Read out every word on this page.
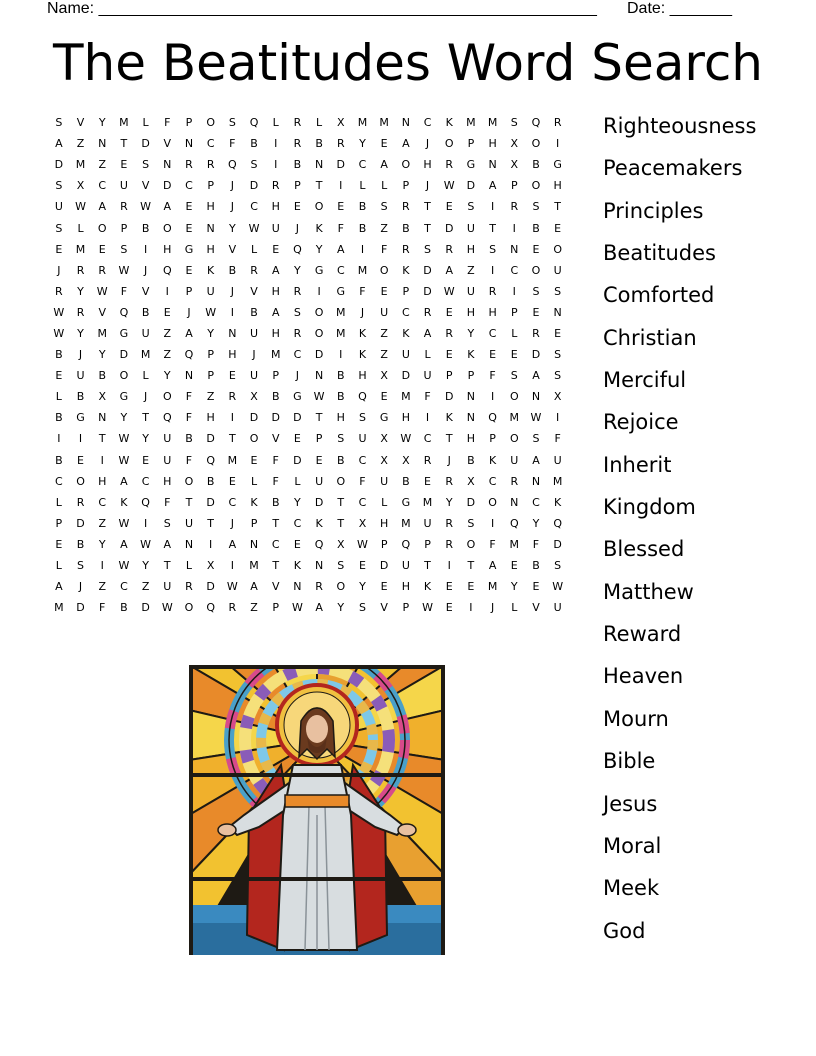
Name: ________________________________________________________ Date: _______
The Beatitudes Word Search
S	V	Y	M	L	F	P	O	S	Q	L	R	L	X	M	M	N	C	K	M	M	S	Q	R
A	Z	N	T	D	V	N	C	F	B	I	R	B	R	Y	E	A	J	O	P	H	X	O	I
D	M	Z	E	S	N	R	R	Q	S	I	B	N	D	C	A	O	H	R	G	N	X	B	G
S	X	C	U	V	D	C	P	J	D	R	P	T	I	L	L	P	J	W	D	A	P	O	H
U	W	A	R	W	A	E	H	J	C	H	E	O	E	B	S	R	T	E	S	I	R	S	T
S	L	O	P	B	O	E	N	Y	W	U	J	K	F	B	Z	B	T	D	U	T	I	B	E
E	M	E	S	I	H	G	H	V	L	E	Q	Y	A	I	F	R	S	R	H	S	N	E	O
J	R	R	W	J	Q	E	K	B	R	A	Y	G	C	M	O	K	D	A	Z	I	C	O	U
R	Y	W	F	V	I	P	U	J	V	H	R	I	G	F	E	P	D	W	U	R	I	S	S
W	R	V	Q	B	E	J	W	I	B	A	S	O	M	J	U	C	R	E	H	H	P	E	N
W	Y	M	G	U	Z	A	Y	N	U	H	R	O	M	K	Z	K	A	R	Y	C	L	R	E
B	J	Y	D	M	Z	Q	P	H	J	M	C	D	I	K	Z	U	L	E	K	E	E	D	S
E	U	B	O	L	Y	N	P	E	U	P	J	N	B	H	X	D	U	P	P	F	S	A	S
L	B	X	G	J	O	F	Z	R	X	B	G	W	B	Q	E	M	F	D	N	I	O	N	X
B	G	N	Y	T	Q	F	H	I	D	D	D	T	H	S	G	H	I	K	N	Q	M	W	I
I	I	T	W	Y	U	B	D	T	O	V	E	P	S	U	X	W	C	T	H	P	O	S	F
B	E	I	W	E	U	F	Q	M	E	F	D	E	B	C	X	X	R	J	B	K	U	A	U
C	O	H	A	C	H	O	B	E	L	F	L	U	O	F	U	B	E	R	X	C	R	N	M
L	R	C	K	Q	F	T	D	C	K	B	Y	D	T	C	L	G	M	Y	D	O	N	C	K
P	D	Z	W	I	S	U	T	J	P	T	C	K	T	X	H	M	U	R	S	I	Q	Y	Q
E	B	Y	A	W	A	N	I	A	N	C	E	Q	X	W	P	Q	P	R	O	F	M	F	D
L	S	I	W	Y	T	L	X	I	M	T	K	N	S	E	D	U	T	I	T	A	E	B	S
A	J	Z	C	Z	U	R	D	W	A	V	N	R	O	Y	E	H	K	E	E	M	Y	E	W
M	D	F	B	D	W	O	Q	R	Z	P	W	A	Y	S	V	P	W	E	I	J	L	V	U
Righteousness
Peacemakers
Principles
Beatitudes
Comforted
Christian
Merciful
Rejoice
Inherit
Kingdom
Blessed
Matthew
Reward
Heaven
Mourn
Bible
Jesus
Moral
Meek
God
